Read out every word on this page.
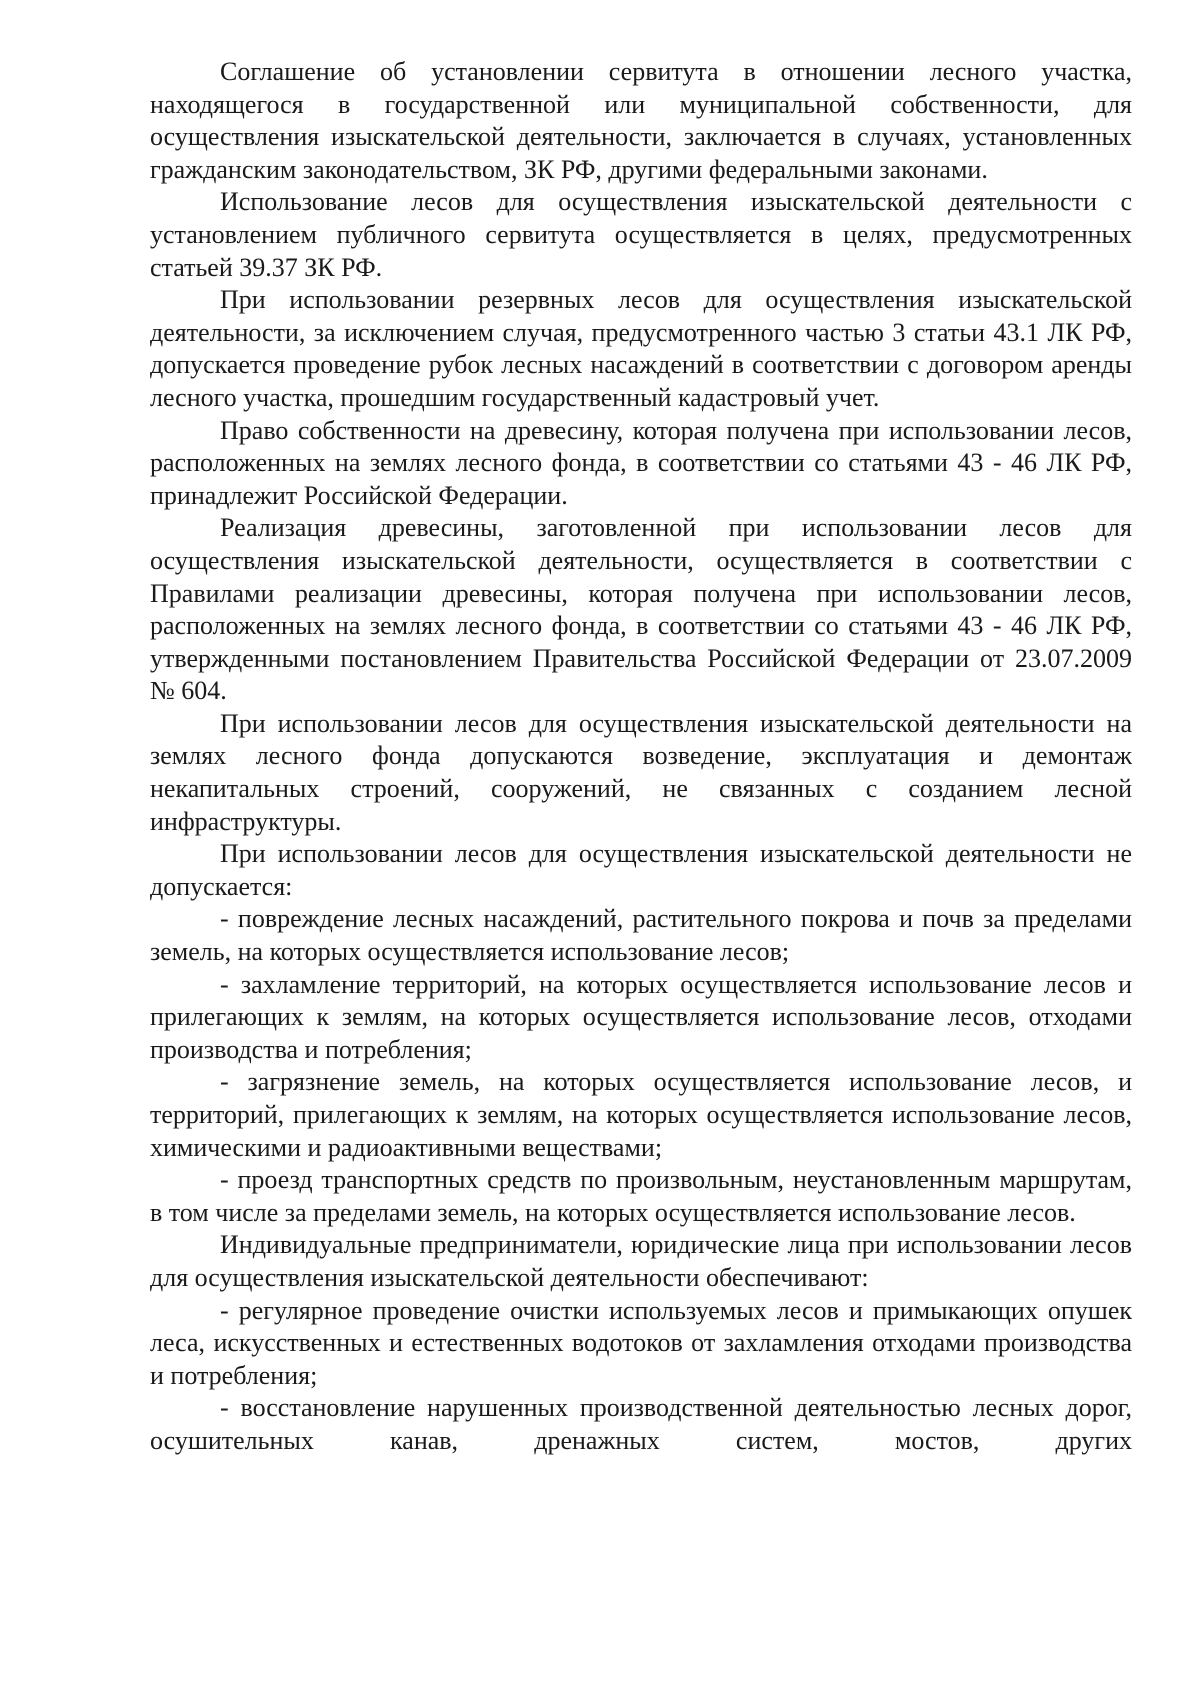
Соглашение об установлении сервитута в отношении лесного участка, находящегося в государственной или муниципальной собственности, для осуществления изыскательской деятельности, заключается в случаях, установленных гражданским законодательством, ЗК РФ, другими федеральными законами.

Использование лесов для осуществления изыскательской деятельности с установлением публичного сервитута осуществляется в целях, предусмотренных статьей 39.37 ЗК РФ.

При использовании резервных лесов для осуществления изыскательской деятельности, за исключением случая, предусмотренного частью 3 статьи 43.1 ЛК РФ, допускается проведение рубок лесных насаждений в соответствии с договором аренды лесного участка, прошедшим государственный кадастровый учет.

Право собственности на древесину, которая получена при использовании лесов, расположенных на землях лесного фонда, в соответствии со статьями 43 - 46 ЛК РФ, принадлежит Российской Федерации.

Реализация древесины, заготовленной при использовании лесов для осуществления изыскательской деятельности, осуществляется в соответствии с Правилами реализации древесины, которая получена при использовании лесов, расположенных на землях лесного фонда, в соответствии со статьями 43 - 46 ЛК РФ, утвержденными постановлением Правительства Российской Федерации от 23.07.2009 № 604.

При использовании лесов для осуществления изыскательской деятельности на землях лесного фонда допускаются возведение, эксплуатация и демонтаж некапитальных строений, сооружений, не связанных с созданием лесной инфраструктуры.

При использовании лесов для осуществления изыскательской деятельности не допускается:

- повреждение лесных насаждений, растительного покрова и почв за пределами земель, на которых осуществляется использование лесов;

- захламление территорий, на которых осуществляется использование лесов и прилегающих к землям, на которых осуществляется использование лесов, отходами производства и потребления;

- загрязнение земель, на которых осуществляется использование лесов, и территорий, прилегающих к землям, на которых осуществляется использование лесов, химическими и радиоактивными веществами;

- проезд транспортных средств по произвольным, неустановленным маршрутам, в том числе за пределами земель, на которых осуществляется использование лесов.

Индивидуальные предприниматели, юридические лица при использовании лесов для осуществления изыскательской деятельности обеспечивают:

- регулярное проведение очистки используемых лесов и примыкающих опушек леса, искусственных и естественных водотоков от захламления отходами производства и потребления;

- восстановление нарушенных производственной деятельностью лесных дорог, осушительных канав, дренажных систем, мостов, других
